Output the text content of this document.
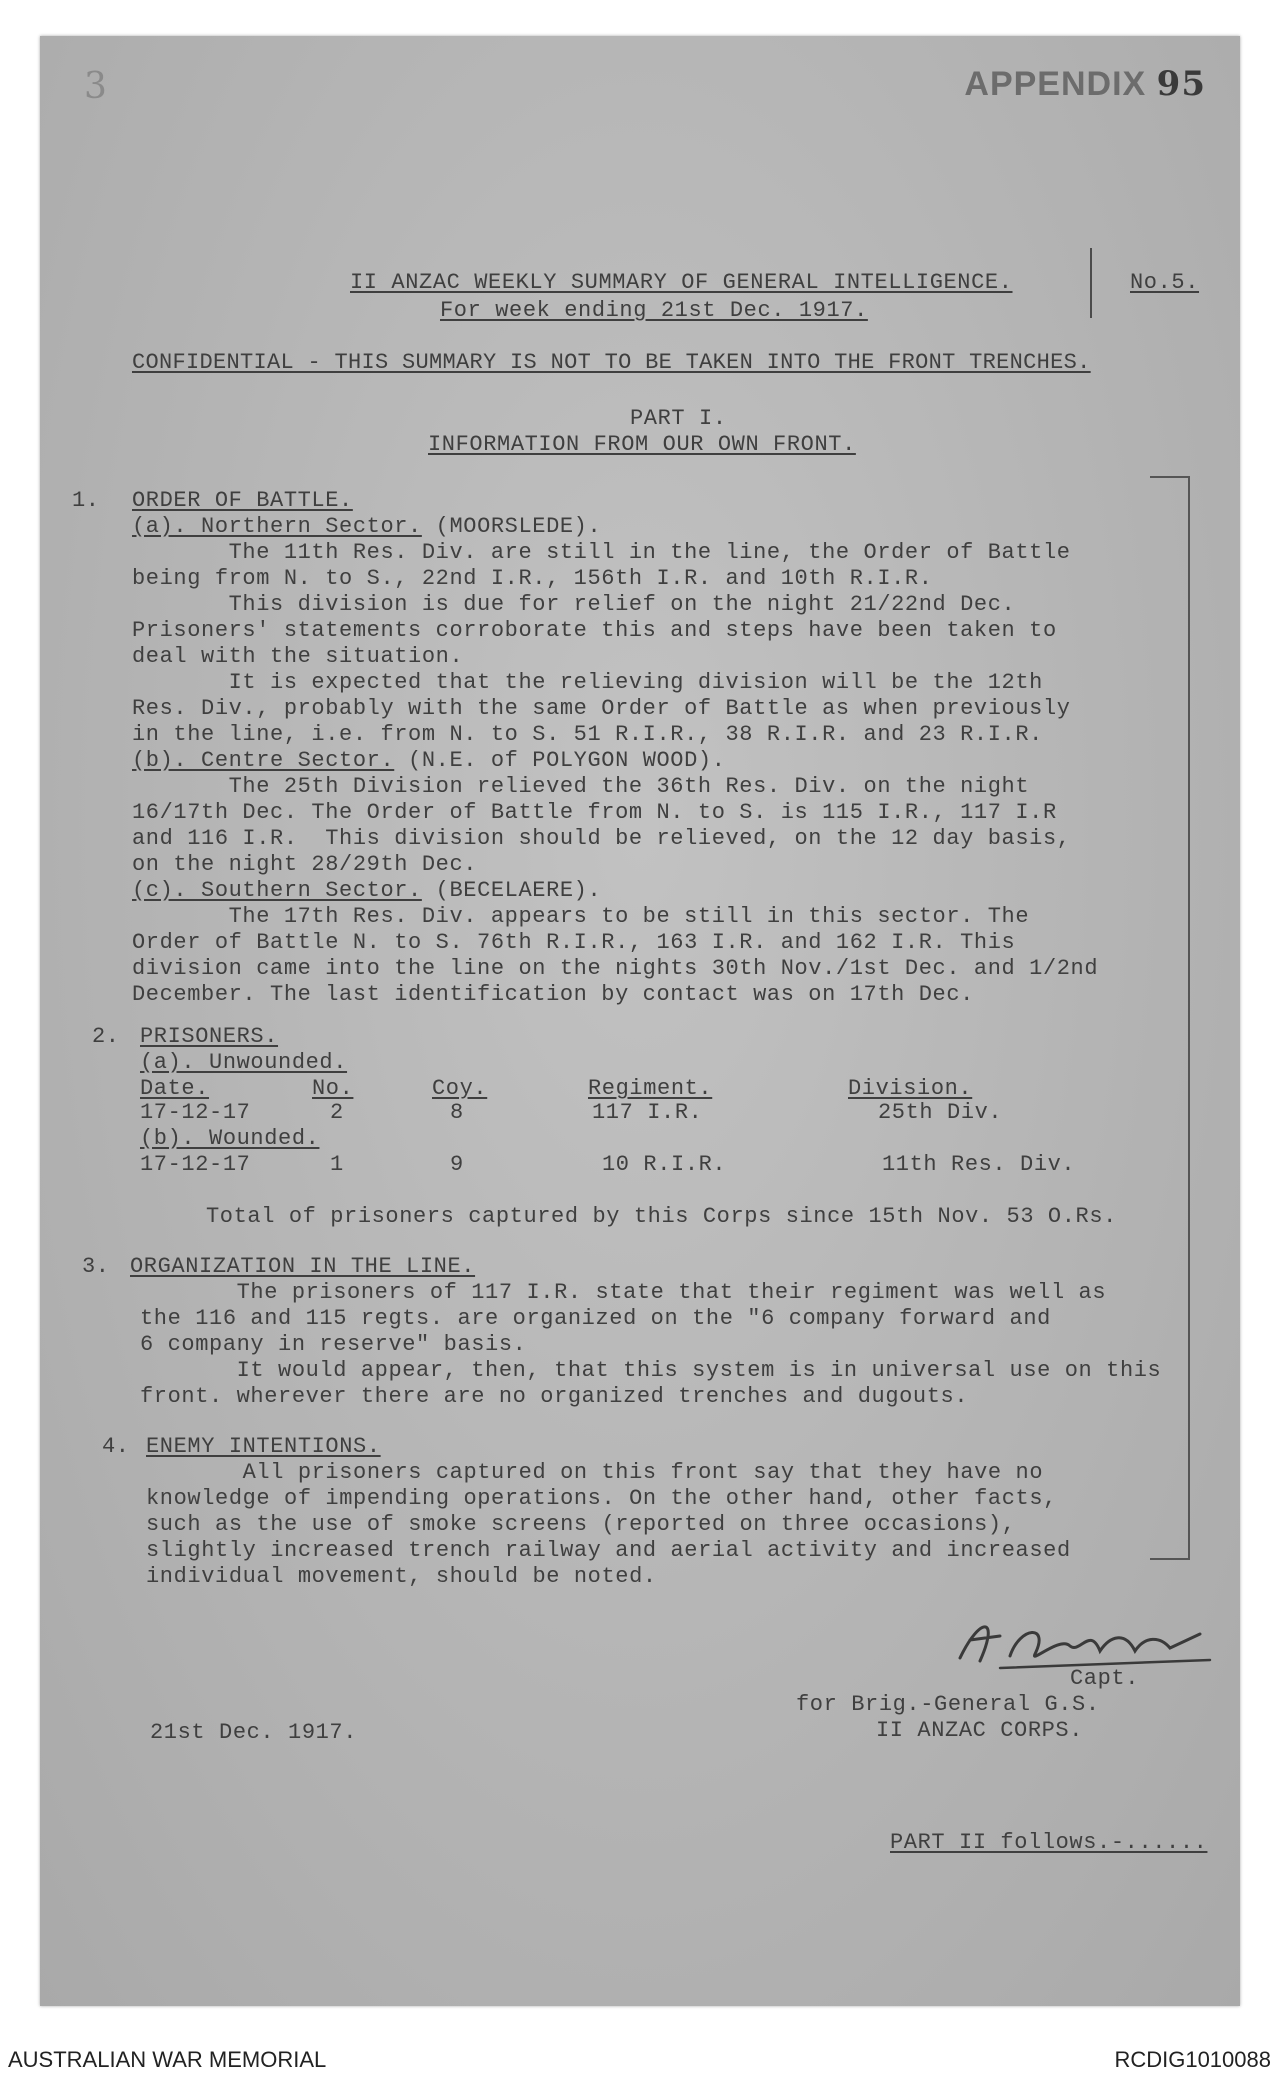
3	APPENDIX 95
II ANZAC WEEKLY SUMMARY OF GENERAL INTELLIGENCE.
For week ending 21st Dec. 1917.
No.5.
CONFIDENTIAL - THIS SUMMARY IS NOT TO BE TAKEN INTO THE FRONT TRENCHES.
PART I.
INFORMATION FROM OUR OWN FRONT.
1. ORDER OF BATTLE.
(a). Northern Sector. (MOORSLEDE).
The 11th Res. Div. are still in the line, the Order of Battle
being from N. to S., 22nd I.R., 156th I.R. and 10th R.I.R.
This division is due for relief on the night 21/22nd Dec.
Prisoners' statements corroborate this and steps have been taken to
deal with the situation.
It is expected that the relieving division will be the 12th
Res. Div., probably with the same Order of Battle as when previously
in the line, i.e. from N. to S. 51 R.I.R., 38 R.I.R. and 23 R.I.R.
(b). Centre Sector. (N.E. of POLYGON WOOD).
The 25th Division relieved the 36th Res. Div. on the night
16/17th Dec. The Order of Battle from N. to S. is 115 I.R., 117 I.R
and 116 I.R.  This division should be relieved, on the 12 day basis,
on the night 28/29th Dec.
(c). Southern Sector. (BECELAERE).
The 17th Res. Div. appears to be still in this sector. The
Order of Battle N. to S. 76th R.I.R., 163 I.R. and 162 I.R. This
division came into the line on the nights 30th Nov./1st Dec. and 1/2nd
December. The last identification by contact was on 17th Dec.
2. PRISONERS.
(a). Unwounded.
Date.	No.	Coy.	Regiment.	Division.
17-12-17	2	8	117 I.R.	25th Div.
(b). Wounded.
17-12-17	1	9	10 R.I.R.	11th Res. Div.
Total of prisoners captured by this Corps since 15th Nov. 53 O.Rs.
3. ORGANIZATION IN THE LINE.
The prisoners of 117 I.R. state that their regiment was well as
the 116 and 115 regts. are organized on the "6 company forward and
6 company in reserve" basis.
It would appear, then, that this system is in universal use on this
front. wherever there are no organized trenches and dugouts.
4. ENEMY INTENTIONS.
All prisoners captured on this front say that they have no
knowledge of impending operations. On the other hand, other facts,
such as the use of smoke screens (reported on three occasions),
slightly increased trench railway and aerial activity and increased
individual movement, should be noted.
Capt.
for Brig.-General G.S.
II ANZAC CORPS.
21st Dec. 1917.
PART II follows.-......
AUSTRALIAN WAR MEMORIAL	RCDIG1010088
